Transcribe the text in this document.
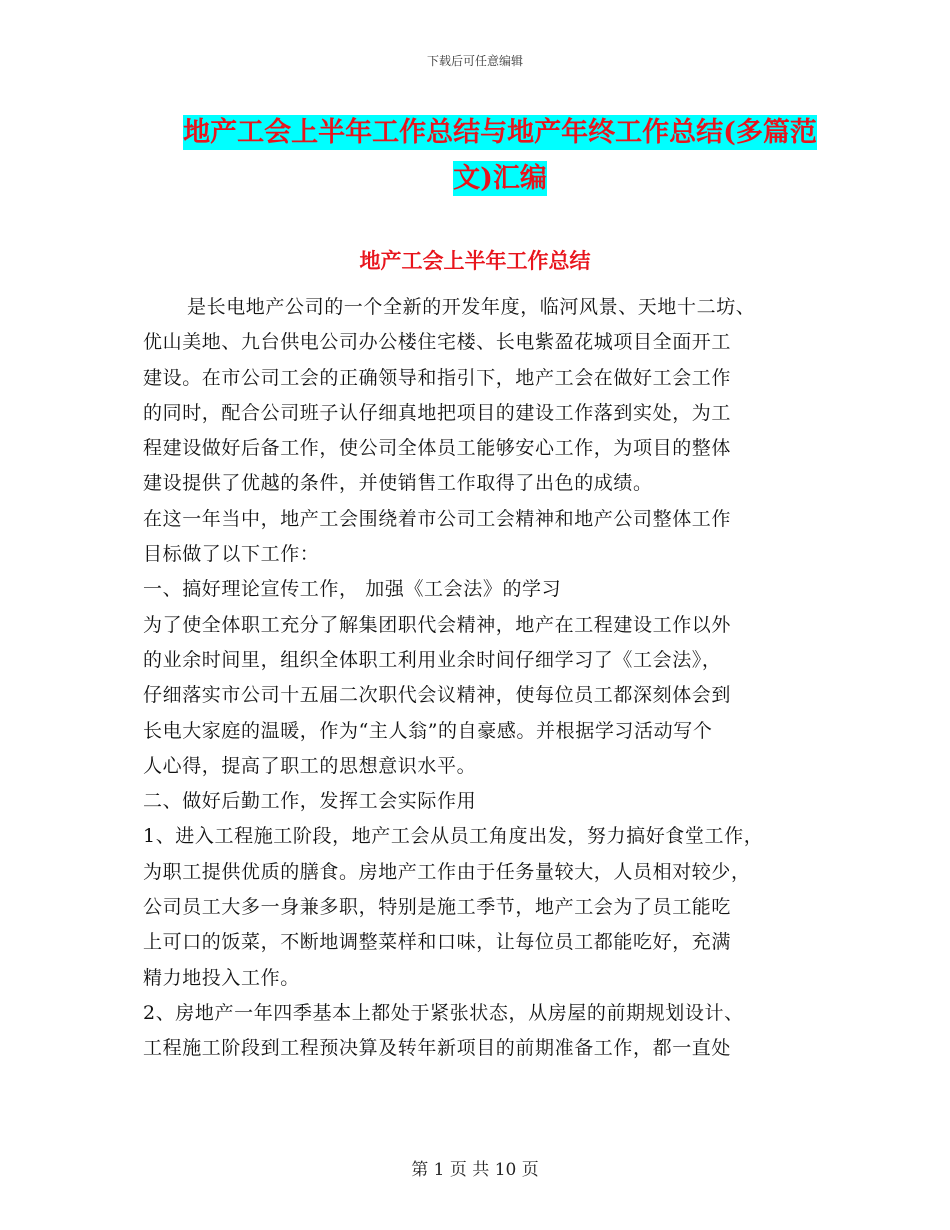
下载后可任意编辑
地产工会上半年工作总结与地产年终工作总结(多篇范
文)汇编
地产工会上半年工作总结
是长电地产公司的一个全新的开发年度，临河风景、天地十二坊、
优山美地、九台供电公司办公楼住宅楼、长电紫盈花城项目全面开工
建设。在市公司工会的正确领导和指引下，地产工会在做好工会工作
的同时，配合公司班子认仔细真地把项目的建设工作落到实处，为工
程建设做好后备工作，使公司全体员工能够安心工作，为项目的整体
建设提供了优越的条件，并使销售工作取得了出色的成绩。
在这一年当中，地产工会围绕着市公司工会精神和地产公司整体工作
目标做了以下工作：
一、搞好理论宣传工作， 加强《工会法》的学习
为了使全体职工充分了解集团职代会精神，地产在工程建设工作以外
的业余时间里，组织全体职工利用业余时间仔细学习了《工会法》，
仔细落实市公司十五届二次职代会议精神，使每位员工都深刻体会到
长电大家庭的温暖，作为“主人翁”的自豪感。并根据学习活动写个
人心得，提高了职工的思想意识水平。
二、做好后勤工作，发挥工会实际作用
1、进入工程施工阶段，地产工会从员工角度出发，努力搞好食堂工作，
为职工提供优质的膳食。房地产工作由于任务量较大，人员相对较少，
公司员工大多一身兼多职，特别是施工季节，地产工会为了员工能吃
上可口的饭菜，不断地调整菜样和口味，让每位员工都能吃好，充满
精力地投入工作。
2、房地产一年四季基本上都处于紧张状态，从房屋的前期规划设计、
工程施工阶段到工程预决算及转年新项目的前期准备工作，都一直处
第 1 页 共 10 页
